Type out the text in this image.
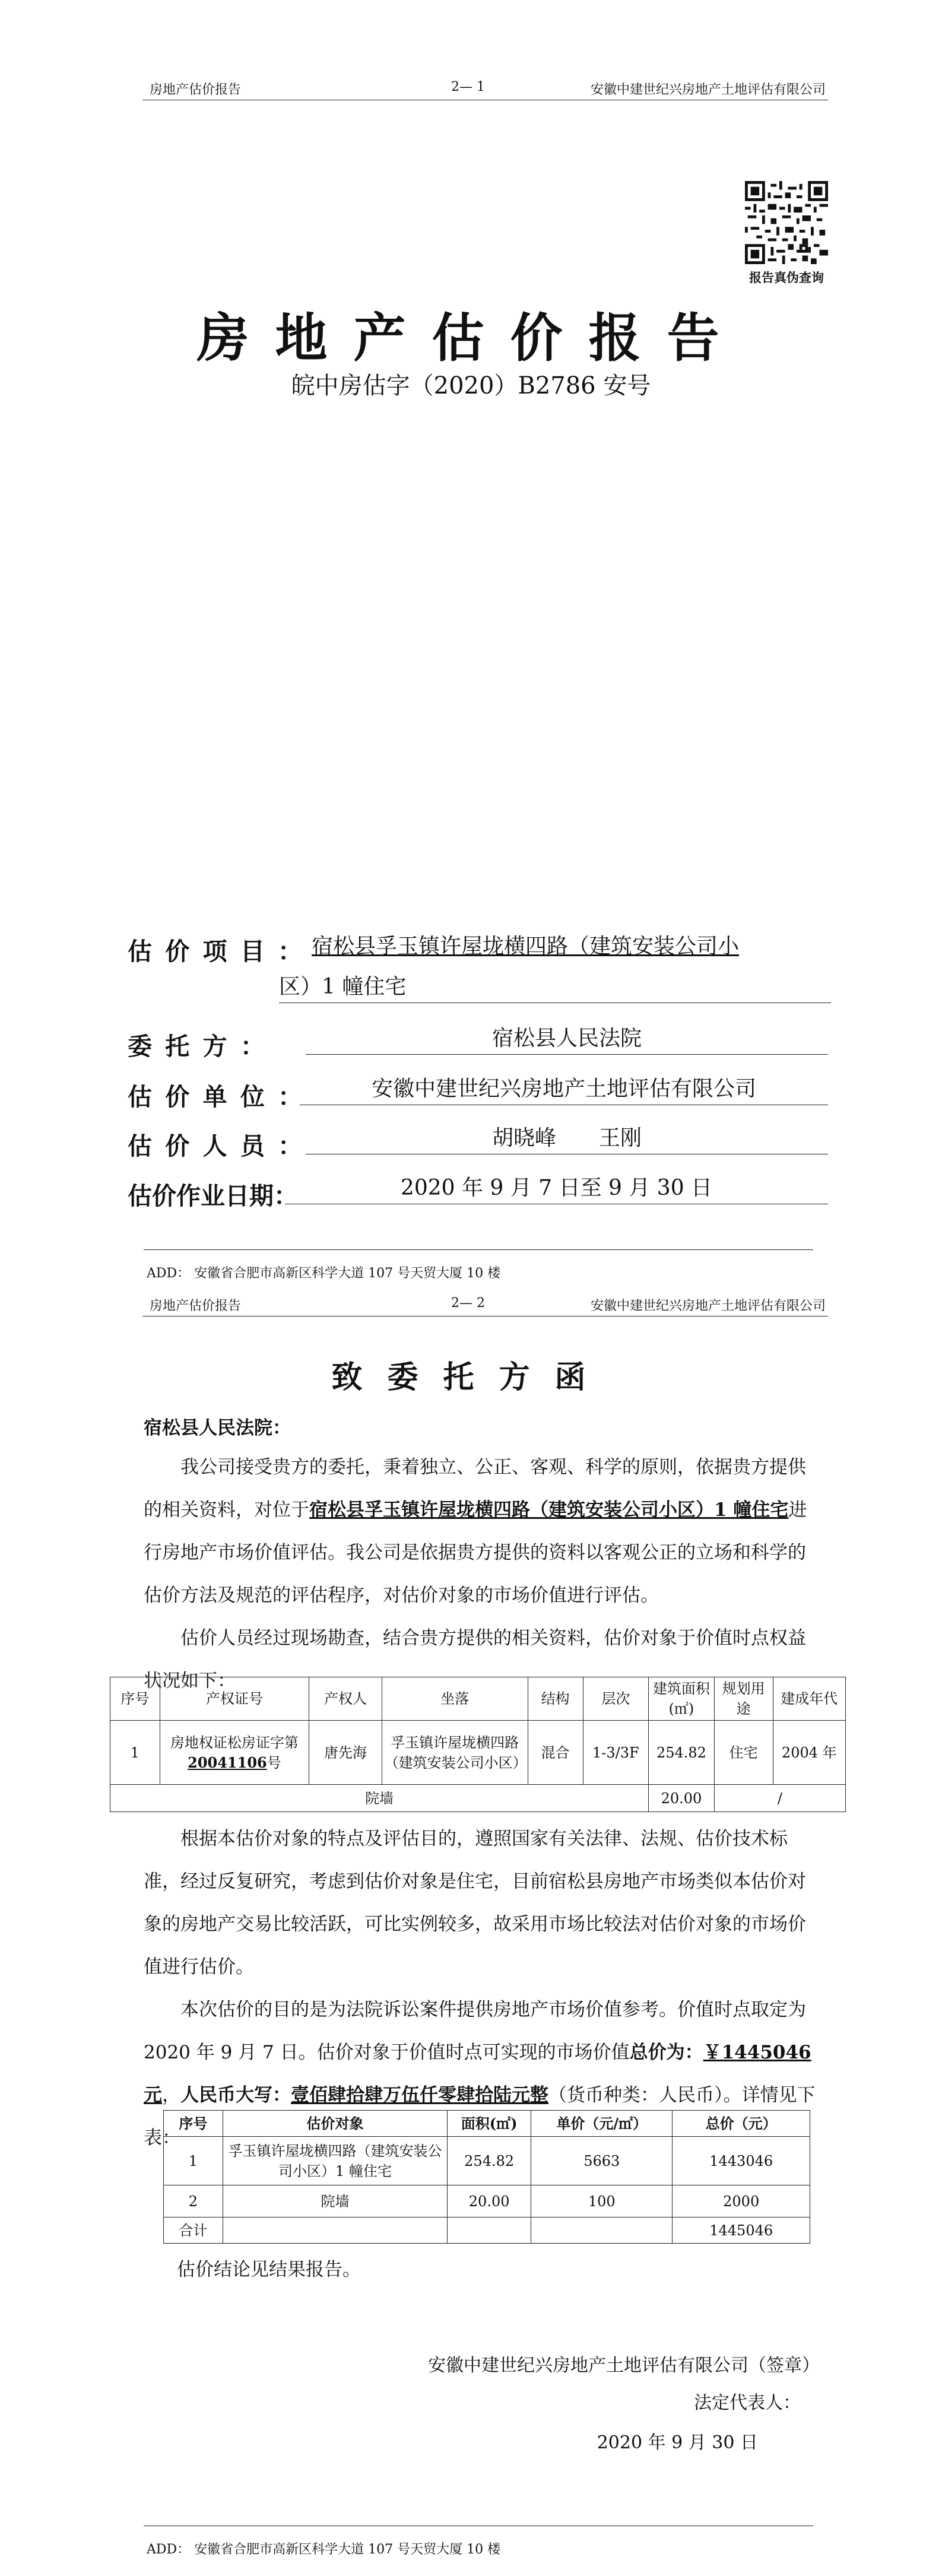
房地产估价报告	2— 1	安徽中建世纪兴房地产土地评估有限公司
报告真伪查询
房地产估价报告
皖中房估字（2020）B2786 安号
估 价 项 目 ： 宿松县孚玉镇许屋垅横四路（建筑安装公司小
区）1 幢住宅
委 托 方 ：	宿松县人民法院
估 价 单 位 ：	安徽中建世纪兴房地产土地评估有限公司
估 价 人 员 ：	胡晓峰　　王刚
估价作业日期：	2020 年 9 月 7 日至 9 月 30 日
ADD： 安徽省合肥市高新区科学大道 107 号天贸大厦 10 楼
房地产估价报告	2— 2	安徽中建世纪兴房地产土地评估有限公司
致委托方函
宿松县人民法院：
我公司接受贵方的委托，秉着独立、公正、客观、科学的原则，依据贵方提供的相关资料，对位于宿松县孚玉镇许屋垅横四路（建筑安装公司小区）1 幢住宅进行房地产市场价值评估。我公司是依据贵方提供的资料以客观公正的立场和科学的估价方法及规范的评估程序，对估价对象的市场价值进行评估。
估价人员经过现场勘查，结合贵方提供的相关资料，估价对象于价值时点权益状况如下：
序号	产权证号	产权人	坐落	结构	层次	建筑面积(㎡)	规划用途	建成年代
1	房地权证松房证字第20041106号	唐先海	孚玉镇许屋垅横四路（建筑安装公司小区）	混合	1-3/3F	254.82	住宅	2004 年
院墙						20.00	/	
根据本估价对象的特点及评估目的，遵照国家有关法律、法规、估价技术标准，经过反复研究，考虑到估价对象是住宅，目前宿松县房地产市场类似本估价对象的房地产交易比较活跃，可比实例较多，故采用市场比较法对估价对象的市场价值进行估价。
本次估价的目的是为法院诉讼案件提供房地产市场价值参考。价值时点取定为 2020 年 9 月 7 日。估价对象于价值时点可实现的市场价值总价为：￥1445046 元，人民币大写：壹佰肆拾肆万伍仟零肆拾陆元整（货币种类：人民币）。详情见下表：
序号	估价对象	面积(㎡)	单价（元/㎡）	总价（元）
1	孚玉镇许屋垅横四路（建筑安装公司小区）1 幢住宅	254.82	5663	1443046
2	院墙	20.00	100	2000
合计				1445046
估价结论见结果报告。
安徽中建世纪兴房地产土地评估有限公司（签章）
法定代表人：
2020 年 9 月 30 日
ADD： 安徽省合肥市高新区科学大道 107 号天贸大厦 10 楼
